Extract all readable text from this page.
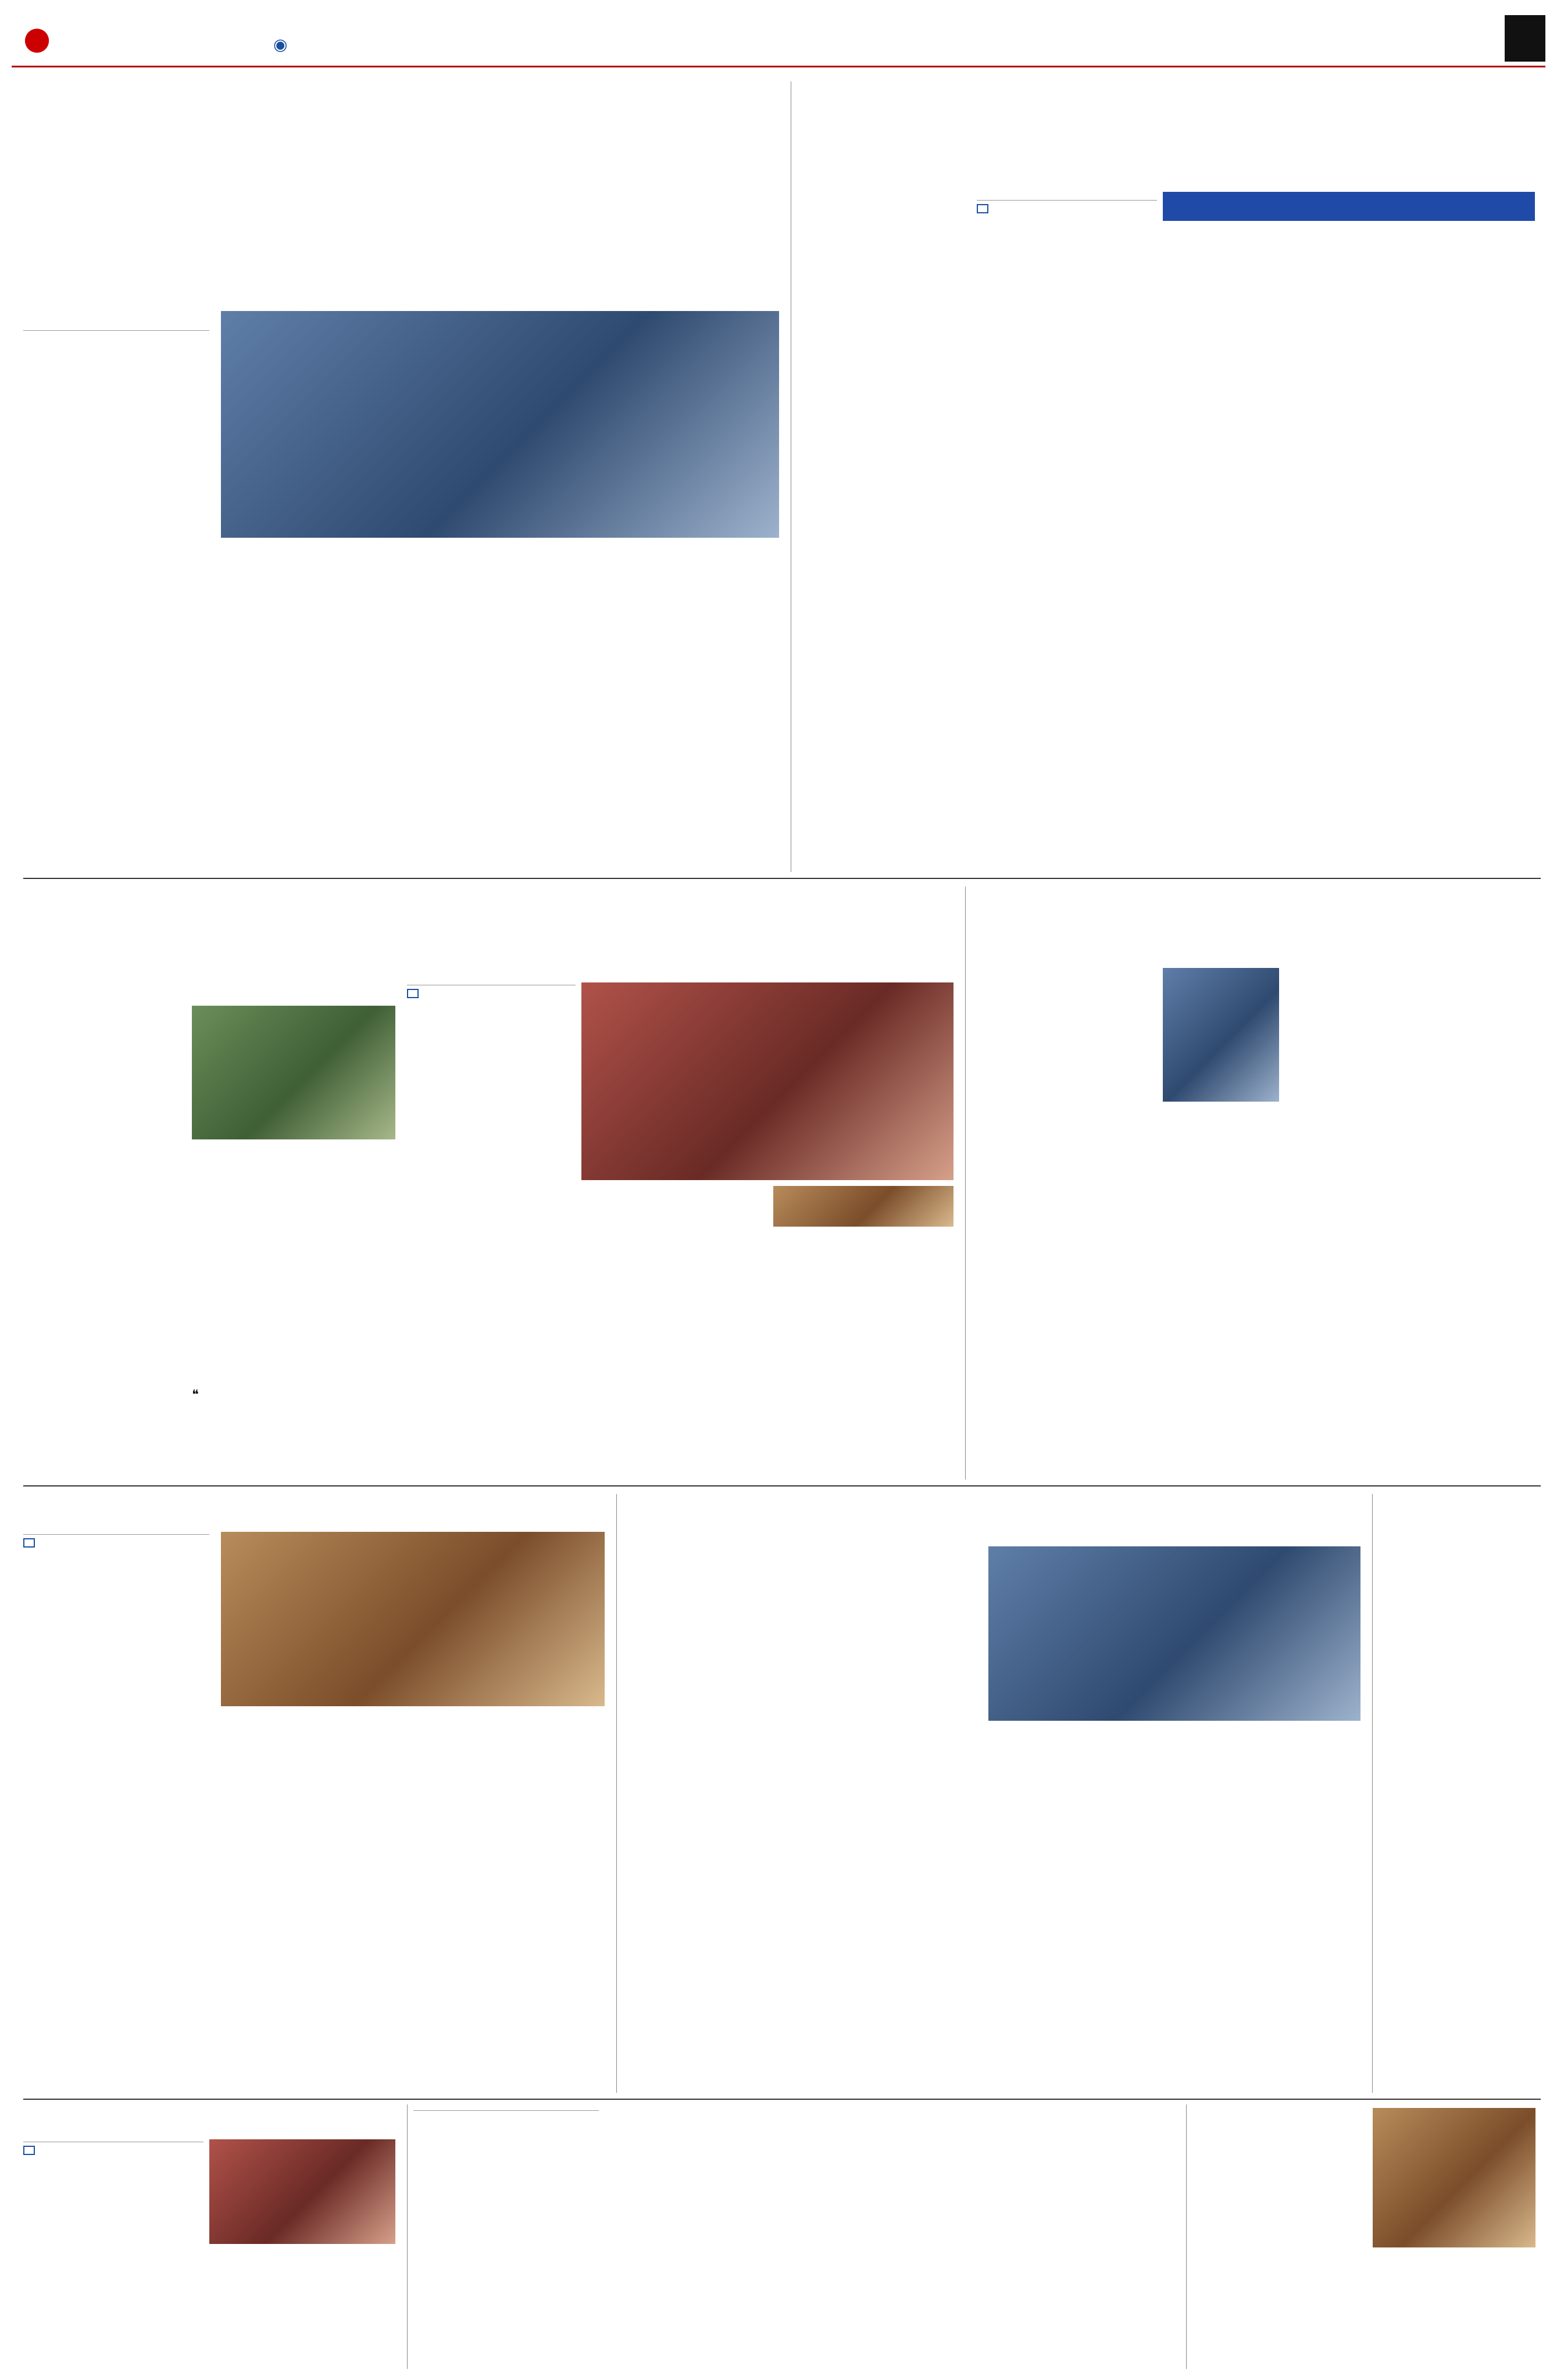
●	◉
❝
